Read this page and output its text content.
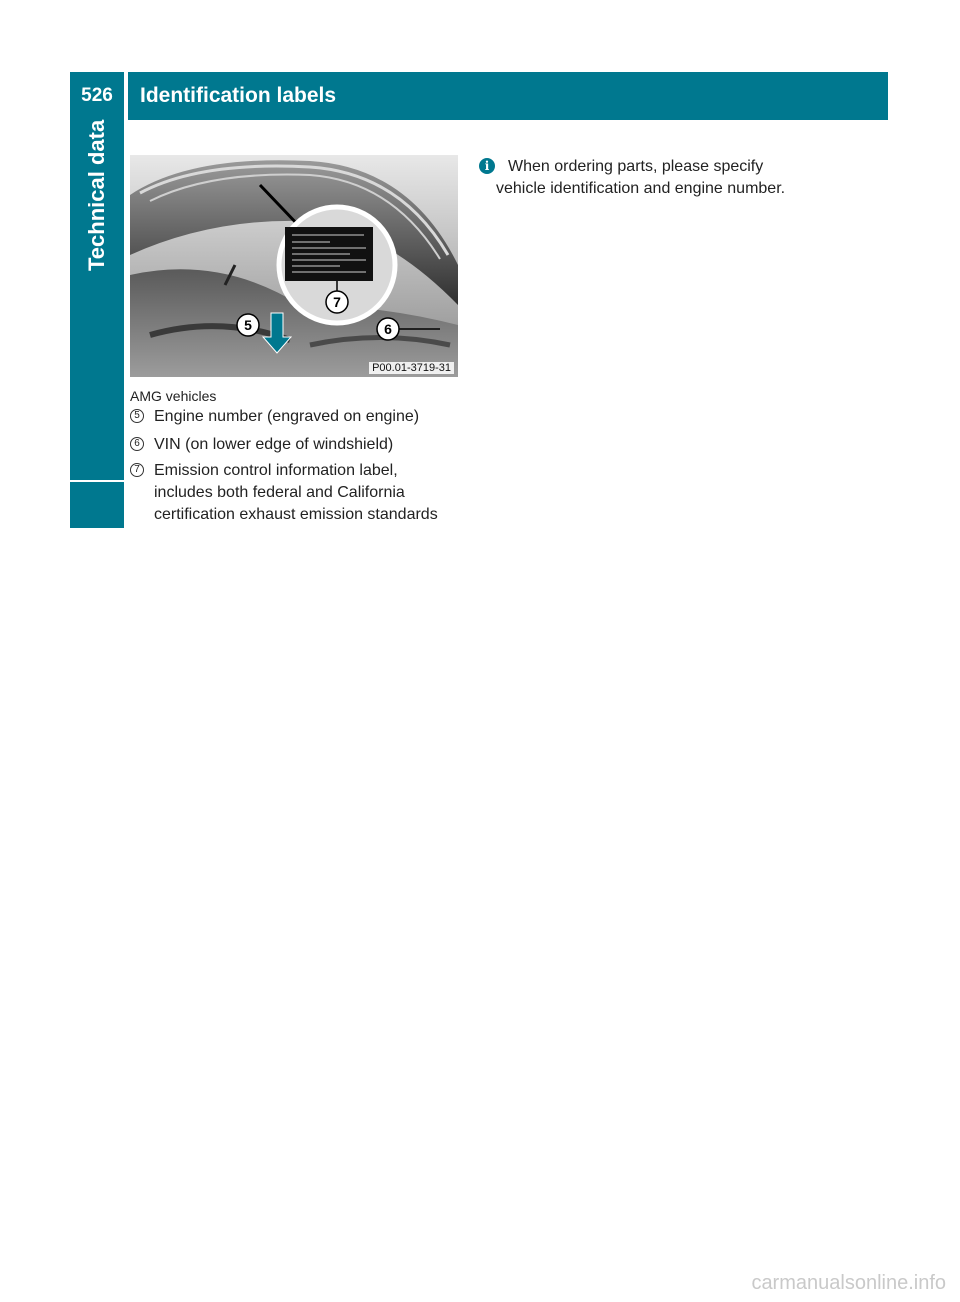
526	Identification labels
Technical data
7
5	6
P00.01-3719-31
AMG vehicles
5 Engine number (engraved on engine)
6 VIN (on lower edge of windshield)
7 Emission control information label, includes both federal and California certification exhaust emission standards
i	When ordering parts, please specify
vehicle identification and engine number.
carmanualsonline.info
